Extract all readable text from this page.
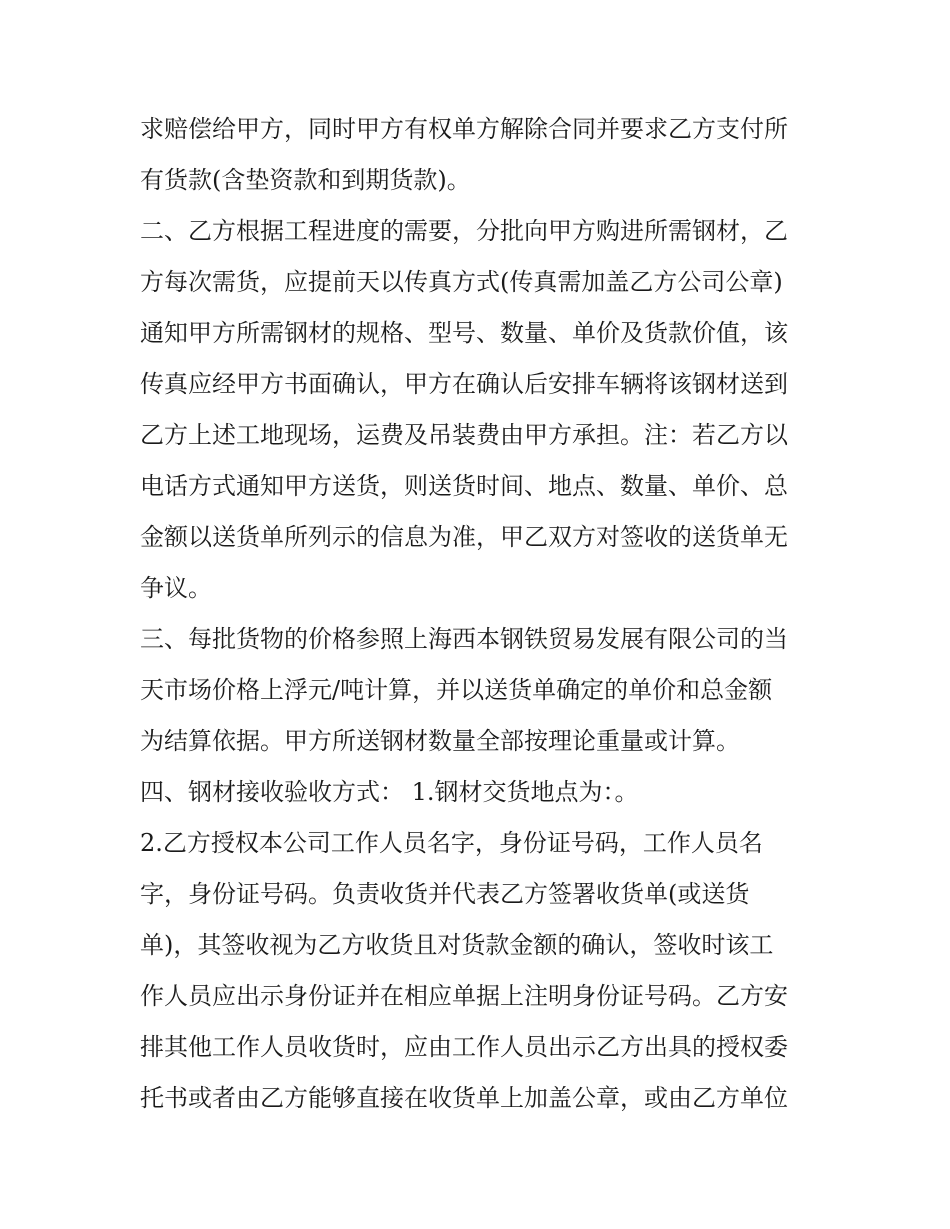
求赔偿给甲方，同时甲方有权单方解除合同并要求乙方支付所
有货款(含垫资款和到期货款)。
二、乙方根据工程进度的需要，分批向甲方购进所需钢材，乙
方每次需货，应提前天以传真方式(传真需加盖乙方公司公章)
通知甲方所需钢材的规格、型号、数量、单价及货款价值，该
传真应经甲方书面确认，甲方在确认后安排车辆将该钢材送到
乙方上述工地现场，运费及吊装费由甲方承担。注：若乙方以
电话方式通知甲方送货，则送货时间、地点、数量、单价、总
金额以送货单所列示的信息为准，甲乙双方对签收的送货单无
争议。
三、每批货物的价格参照上海西本钢铁贸易发展有限公司的当
天市场价格上浮元/吨计算，并以送货单确定的单价和总金额
为结算依据。甲方所送钢材数量全部按理论重量或计算。
四、钢材接收验收方式： 1.钢材交货地点为：。
2.乙方授权本公司工作人员名字，身份证号码，工作人员名
字，身份证号码。负责收货并代表乙方签署收货单(或送货
单)，其签收视为乙方收货且对货款金额的确认，签收时该工
作人员应出示身份证并在相应单据上注明身份证号码。乙方安
排其他工作人员收货时，应由工作人员出示乙方出具的授权委
托书或者由乙方能够直接在收货单上加盖公章，或由乙方单位
